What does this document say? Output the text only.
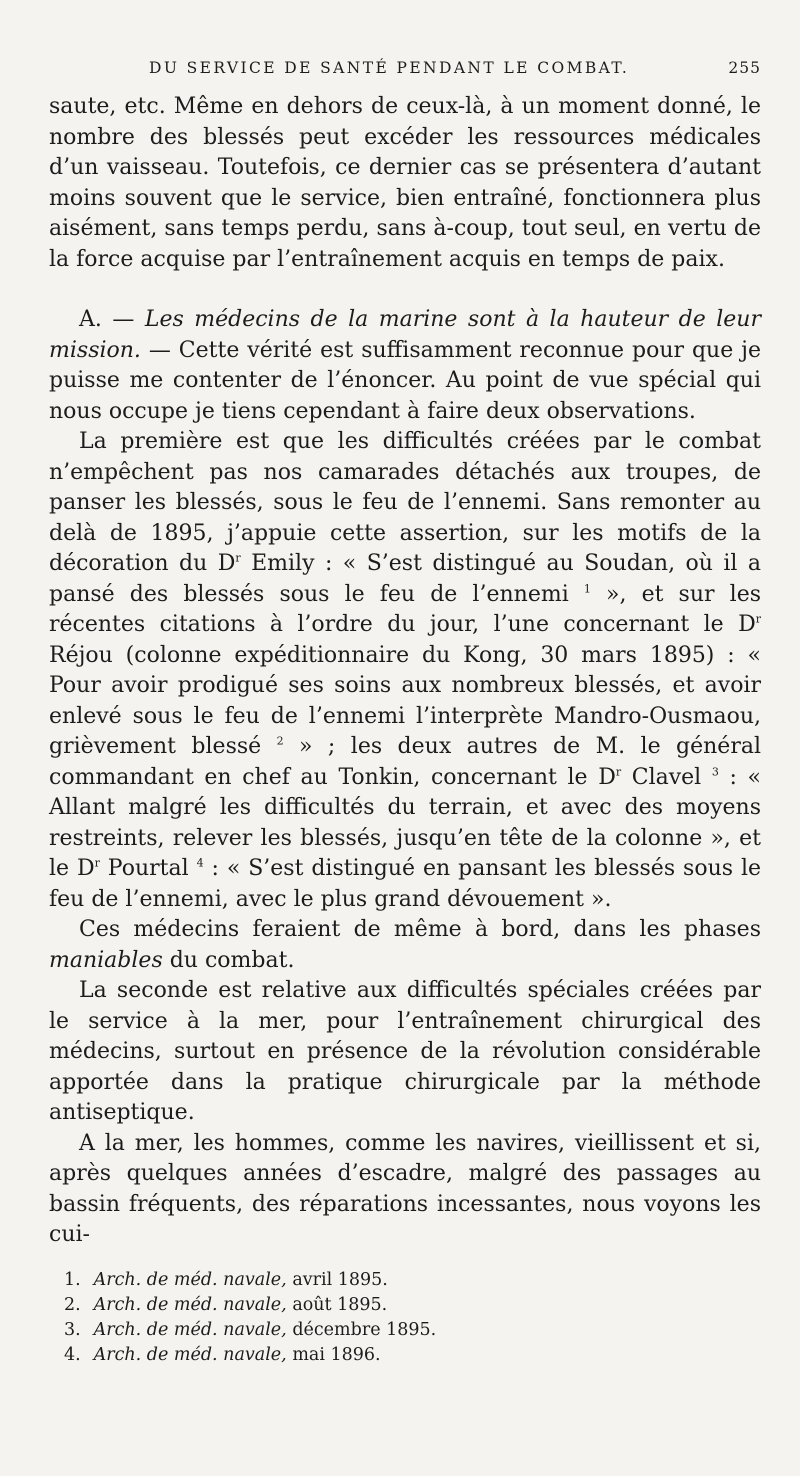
DU SERVICE DE SANTÉ PENDANT LE COMBAT.	255

saute, etc. Même en dehors de ceux-là, à un moment donné, le nombre des blessés peut excéder les ressources médicales d’un vaisseau. Toutefois, ce dernier cas se présentera d’autant moins souvent que le service, bien entraîné, fonctionnera plus aisément, sans temps perdu, sans à-coup, tout seul, en vertu de la force acquise par l’entraînement acquis en temps de paix.

A. — Les médecins de la marine sont à la hauteur de leur mission. — Cette vérité est suffisamment reconnue pour que je puisse me contenter de l’énoncer. Au point de vue spécial qui nous occupe je tiens cependant à faire deux observations.

La première est que les difficultés créées par le combat n’empêchent pas nos camarades détachés aux troupes, de panser les blessés, sous le feu de l’ennemi. Sans remonter au delà de 1895, j’appuie cette assertion, sur les motifs de la décoration du $D^r$ Emily : « S’est distingué au Soudan, où il a pansé des blessés sous le feu de l’ennemi $^1$ », et sur les récentes citations à l’ordre du jour, l’une concernant le $D^r$ Réjou (colonne expéditionnaire du Kong, 30 mars 1895) : « Pour avoir prodigué ses soins aux nombreux blessés, et avoir enlevé sous le feu de l’ennemi l’interprète Mandro-Ousmaou, grièvement blessé $^2$ » ; les deux autres de M. le général commandant en chef au Tonkin, concernant le $D^r$ Clavel $^3$ : « Allant malgré les difficultés du terrain, et avec des moyens restreints, relever les blessés, jusqu’en tête de la colonne », et le $D^r$ Pourtal $^4$ : « S’est distingué en pansant les blessés sous le feu de l’ennemi, avec le plus grand dévouement ».

Ces médecins feraient de même à bord, dans les phases maniables du combat.

La seconde est relative aux difficultés spéciales créées par le service à la mer, pour l’entraînement chirurgical des médecins, surtout en présence de la révolution considérable apportée dans la pratique chirurgicale par la méthode antiseptique.

A la mer, les hommes, comme les navires, vieillissent et si, après quelques années d’escadre, malgré des passages au bassin fréquents, des réparations incessantes, nous voyons les cui-

1. Arch. de méd. navale, avril 1895.
2. Arch. de méd. navale, août 1895.
3. Arch. de méd. navale, décembre 1895.
4. Arch. de méd. navale, mai 1896.
